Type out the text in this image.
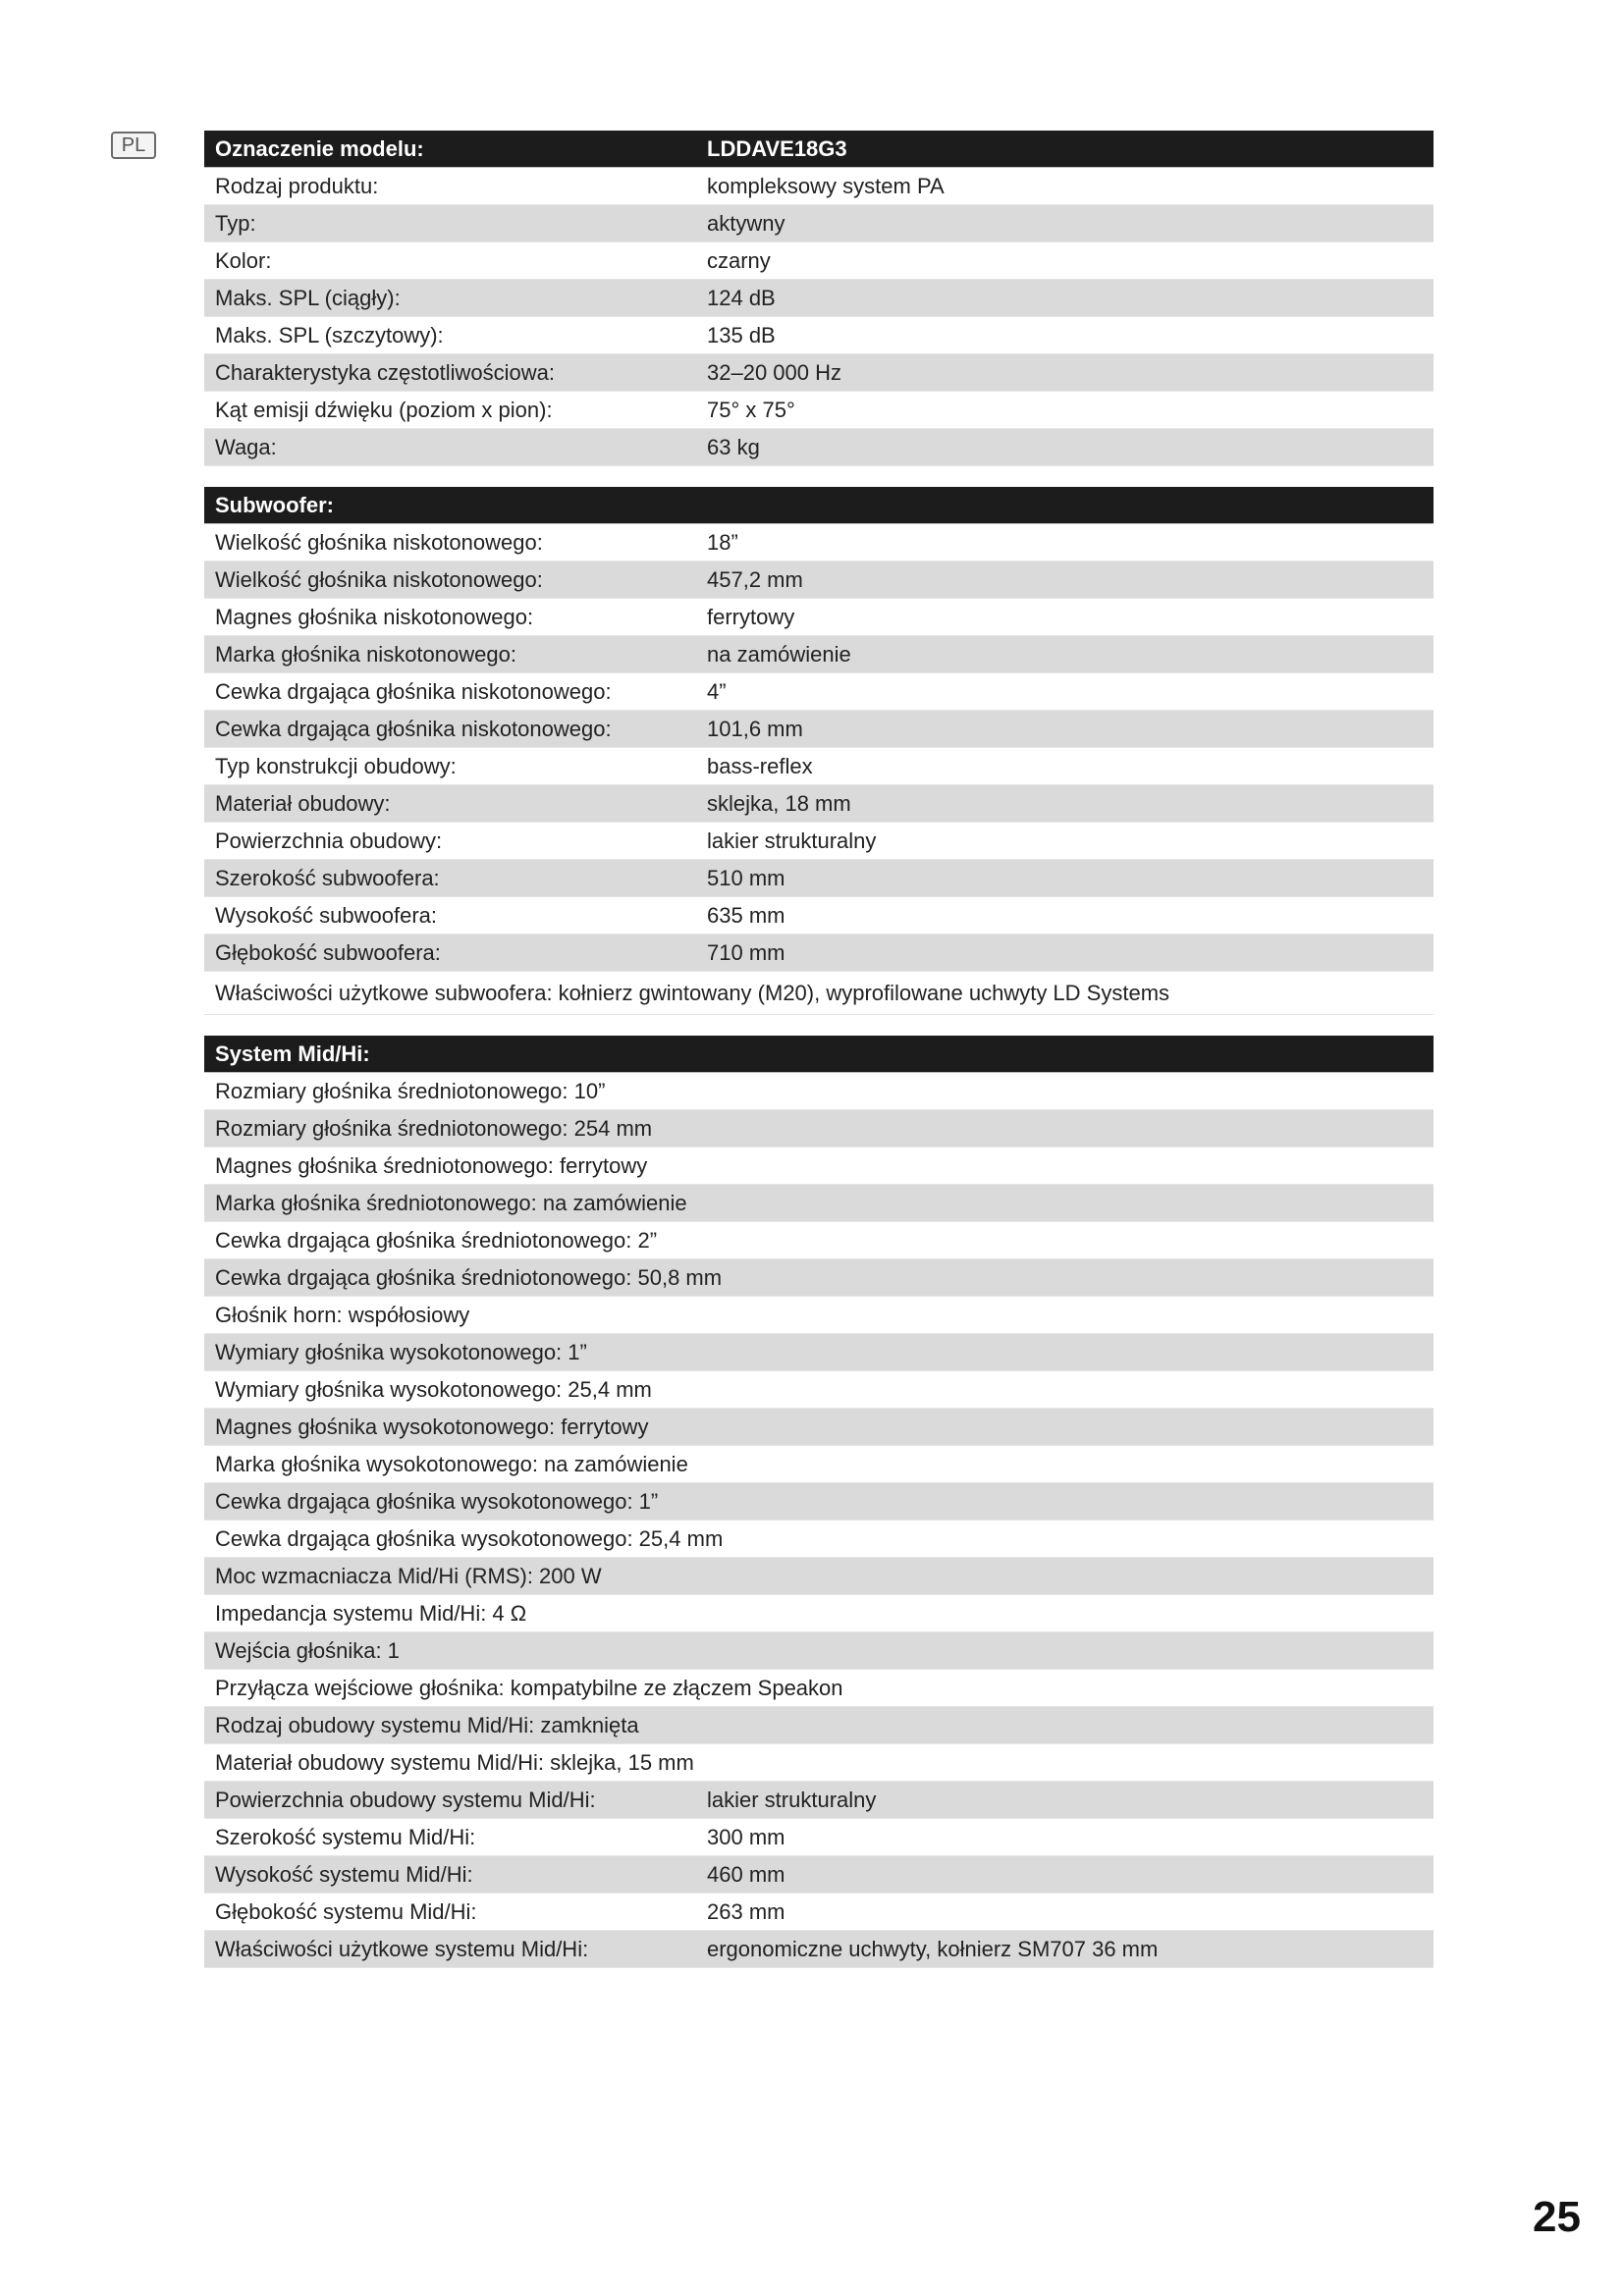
PL	Oznaczenie modelu:	LDDAVE18G3
Rodzaj produktu:	kompleksowy system PA
Typ:	aktywny
Kolor:	czarny
Maks. SPL (ciągły):	124 dB
Maks. SPL (szczytowy):	135 dB
Charakterystyka częstotliwościowa:	32–20 000 Hz
Kąt emisji dźwięku (poziom x pion):	75° x 75°
Waga:	63 kg
Subwoofer:
Wielkość głośnika niskotonowego:	18”
Wielkość głośnika niskotonowego:	457,2 mm
Magnes głośnika niskotonowego:	ferrytowy
Marka głośnika niskotonowego:	na zamówienie
Cewka drgająca głośnika niskotonowego:	4”
Cewka drgająca głośnika niskotonowego:	101,6 mm
Typ konstrukcji obudowy:	bass-reflex
Materiał obudowy:	sklejka, 18 mm
Powierzchnia obudowy:	lakier strukturalny
Szerokość subwoofera:	510 mm
Wysokość subwoofera:	635 mm
Głębokość subwoofera:	710 mm
Właściwości użytkowe subwoofera: kołnierz gwintowany (M20), wyprofilowane uchwyty LD Systems
System Mid/Hi:
Rozmiary głośnika średniotonowego: 10”
Rozmiary głośnika średniotonowego: 254 mm
Magnes głośnika średniotonowego: ferrytowy
Marka głośnika średniotonowego: na zamówienie
Cewka drgająca głośnika średniotonowego: 2”
Cewka drgająca głośnika średniotonowego: 50,8 mm
Głośnik horn: współosiowy
Wymiary głośnika wysokotonowego: 1”
Wymiary głośnika wysokotonowego: 25,4 mm
Magnes głośnika wysokotonowego: ferrytowy
Marka głośnika wysokotonowego: na zamówienie
Cewka drgająca głośnika wysokotonowego: 1”
Cewka drgająca głośnika wysokotonowego: 25,4 mm
Moc wzmacniacza Mid/Hi (RMS): 200 W
Impedancja systemu Mid/Hi: 4 Ω
Wejścia głośnika: 1
Przyłącza wejściowe głośnika: kompatybilne ze złączem Speakon
Rodzaj obudowy systemu Mid/Hi: zamknięta
Materiał obudowy systemu Mid/Hi: sklejka, 15 mm
Powierzchnia obudowy systemu Mid/Hi:	lakier strukturalny
Szerokość systemu Mid/Hi:	300 mm
Wysokość systemu Mid/Hi:	460 mm
Głębokość systemu Mid/Hi:	263 mm
Właściwości użytkowe systemu Mid/Hi:	ergonomiczne uchwyty, kołnierz SM707 36 mm
25
